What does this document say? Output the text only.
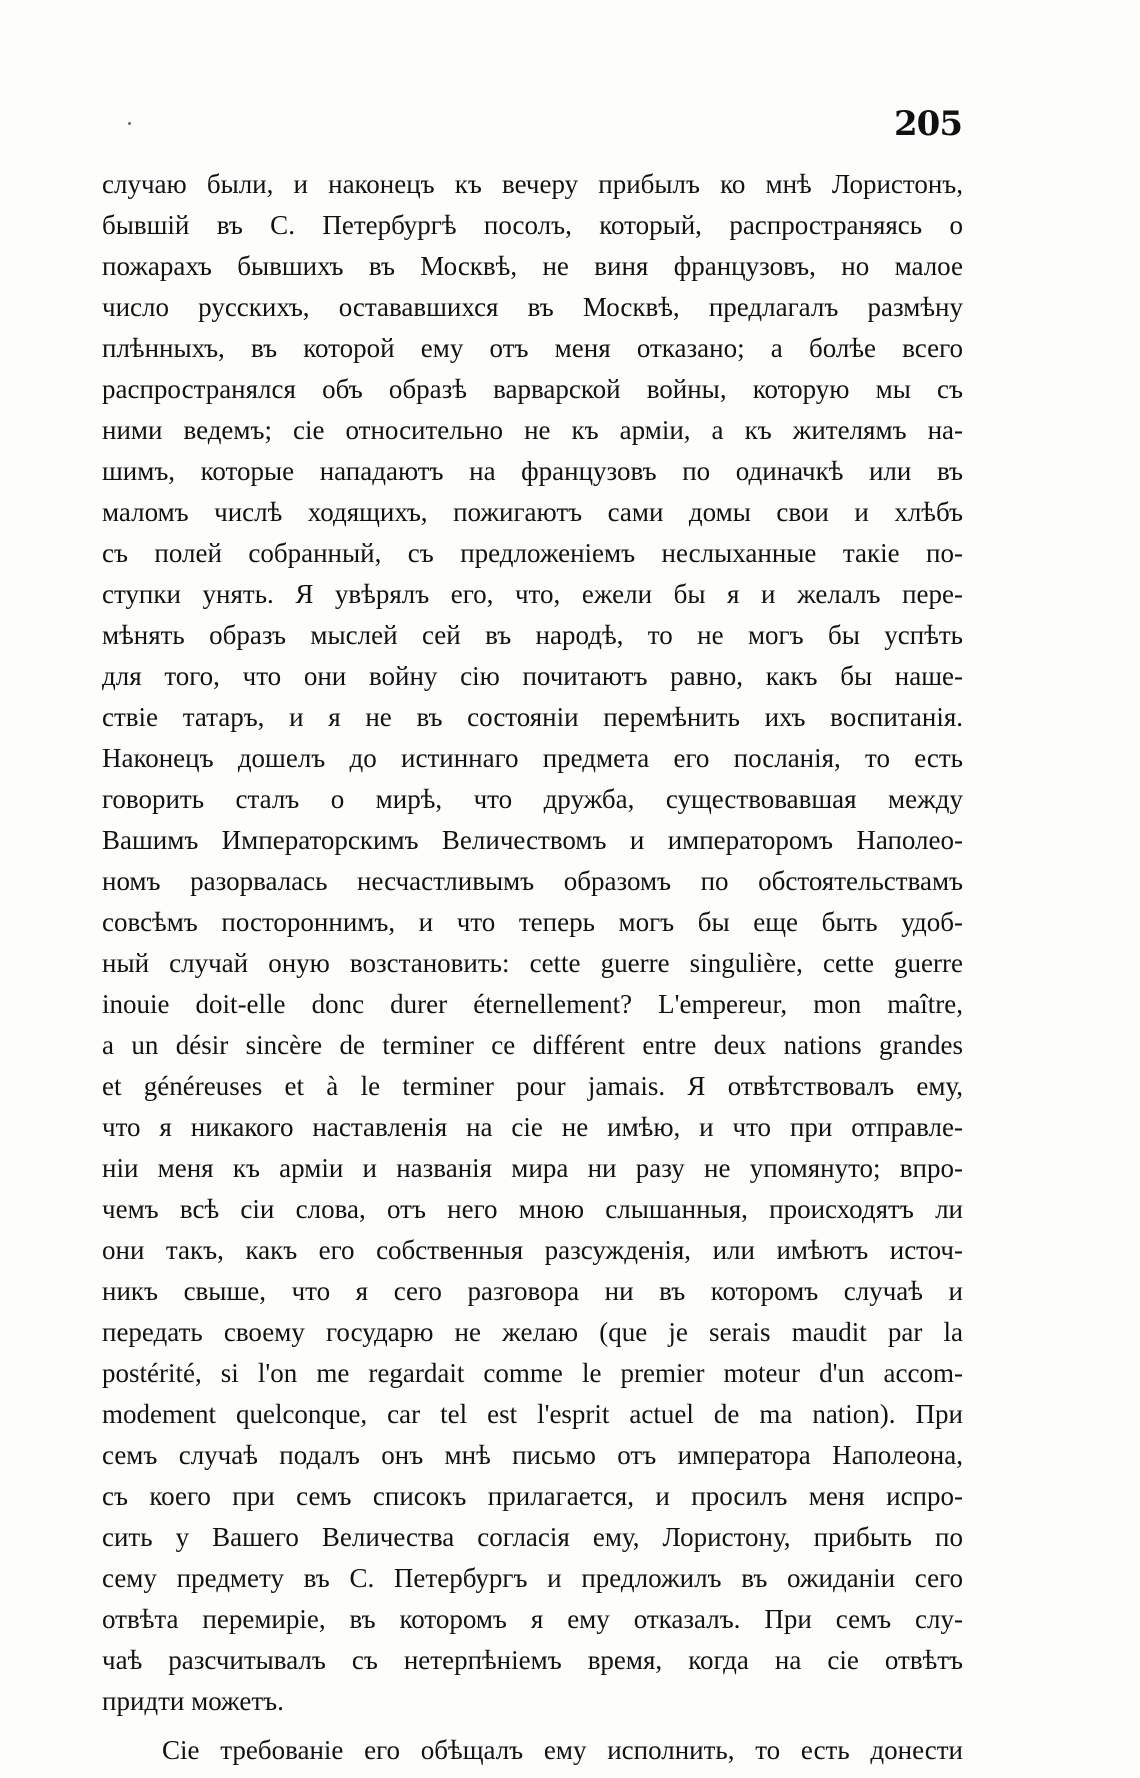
205
случаю были, и наконецъ къ вечеру прибылъ ко мнѣ Лористонъ,
бывшій въ С. Петербургѣ посолъ, который, распространяясь о
пожарахъ бывшихъ въ Москвѣ, не виня французовъ, но малое
число русскихъ, остававшихся въ Москвѣ, предлагалъ размѣну
плѣнныхъ, въ которой ему отъ меня отказано; а болѣе всего
распространялся объ образѣ варварской войны, которую мы съ
ними ведемъ; сіе относительно не къ арміи, а къ жителямъ на-
шимъ, которые нападаютъ на французовъ по одиначкѣ или въ
маломъ числѣ ходящихъ, пожигаютъ сами домы свои и хлѣбъ
съ полей собранный, съ предложеніемъ неслыханные такіе по-
ступки унять. Я увѣрялъ его, что, ежели бы я и желалъ пере-
мѣнять образъ мыслей сей въ народѣ, то не могъ бы успѣть
для того, что они войну сію почитаютъ равно, какъ бы наше-
ствіе татаръ, и я не въ состояніи перемѣнить ихъ воспитанія.
Наконецъ дошелъ до истиннаго предмета его посланія, то есть
говорить сталъ о мирѣ, что дружба, существовавшая между
Вашимъ Императорскимъ Величествомъ и императоромъ Наполео-
номъ разорвалась несчастливымъ образомъ по обстоятельствамъ
совсѣмъ постороннимъ, и что теперь могъ бы еще быть удоб-
ный случай оную возстановить: cette guerre singulière, cette guerre
inouie doit-elle donc durer éternellement? L'empereur, mon maître,
a un désir sincère de terminer ce différent entre deux nations grandes
et généreuses et à le terminer pour jamais. Я отвѣтствовалъ ему,
что я никакого наставленія на сіе не имѣю, и что при отправле-
ніи меня къ арміи и названія мира ни разу не упомянуто; впро-
чемъ всѣ сіи слова, отъ него мною слышанныя, происходятъ ли
они такъ, какъ его собственныя разсужденія, или имѣютъ источ-
никъ свыше, что я сего разговора ни въ которомъ случаѣ и
передать своему государю не желаю (que je serais maudit par la
postérité, si l'on me regardait comme le premier moteur d'un accom-
modement quelconque, car tel est l'esprit actuel de ma nation). При
семъ случаѣ подалъ онъ мнѣ письмо отъ императора Наполеона,
съ коего при семъ списокъ прилагается, и просилъ меня испро-
сить у Вашего Величества согласія ему, Лористону, прибыть по
сему предмету въ С. Петербургъ и предложилъ въ ожиданіи сего
отвѣта перемиріе, въ которомъ я ему отказалъ. При семъ слу-
чаѣ разсчитывалъ съ нетерпѣніемъ время, когда на сіе отвѣтъ
придти можетъ.
Сіе требованіе его обѣщалъ ему исполнить, то есть донести
